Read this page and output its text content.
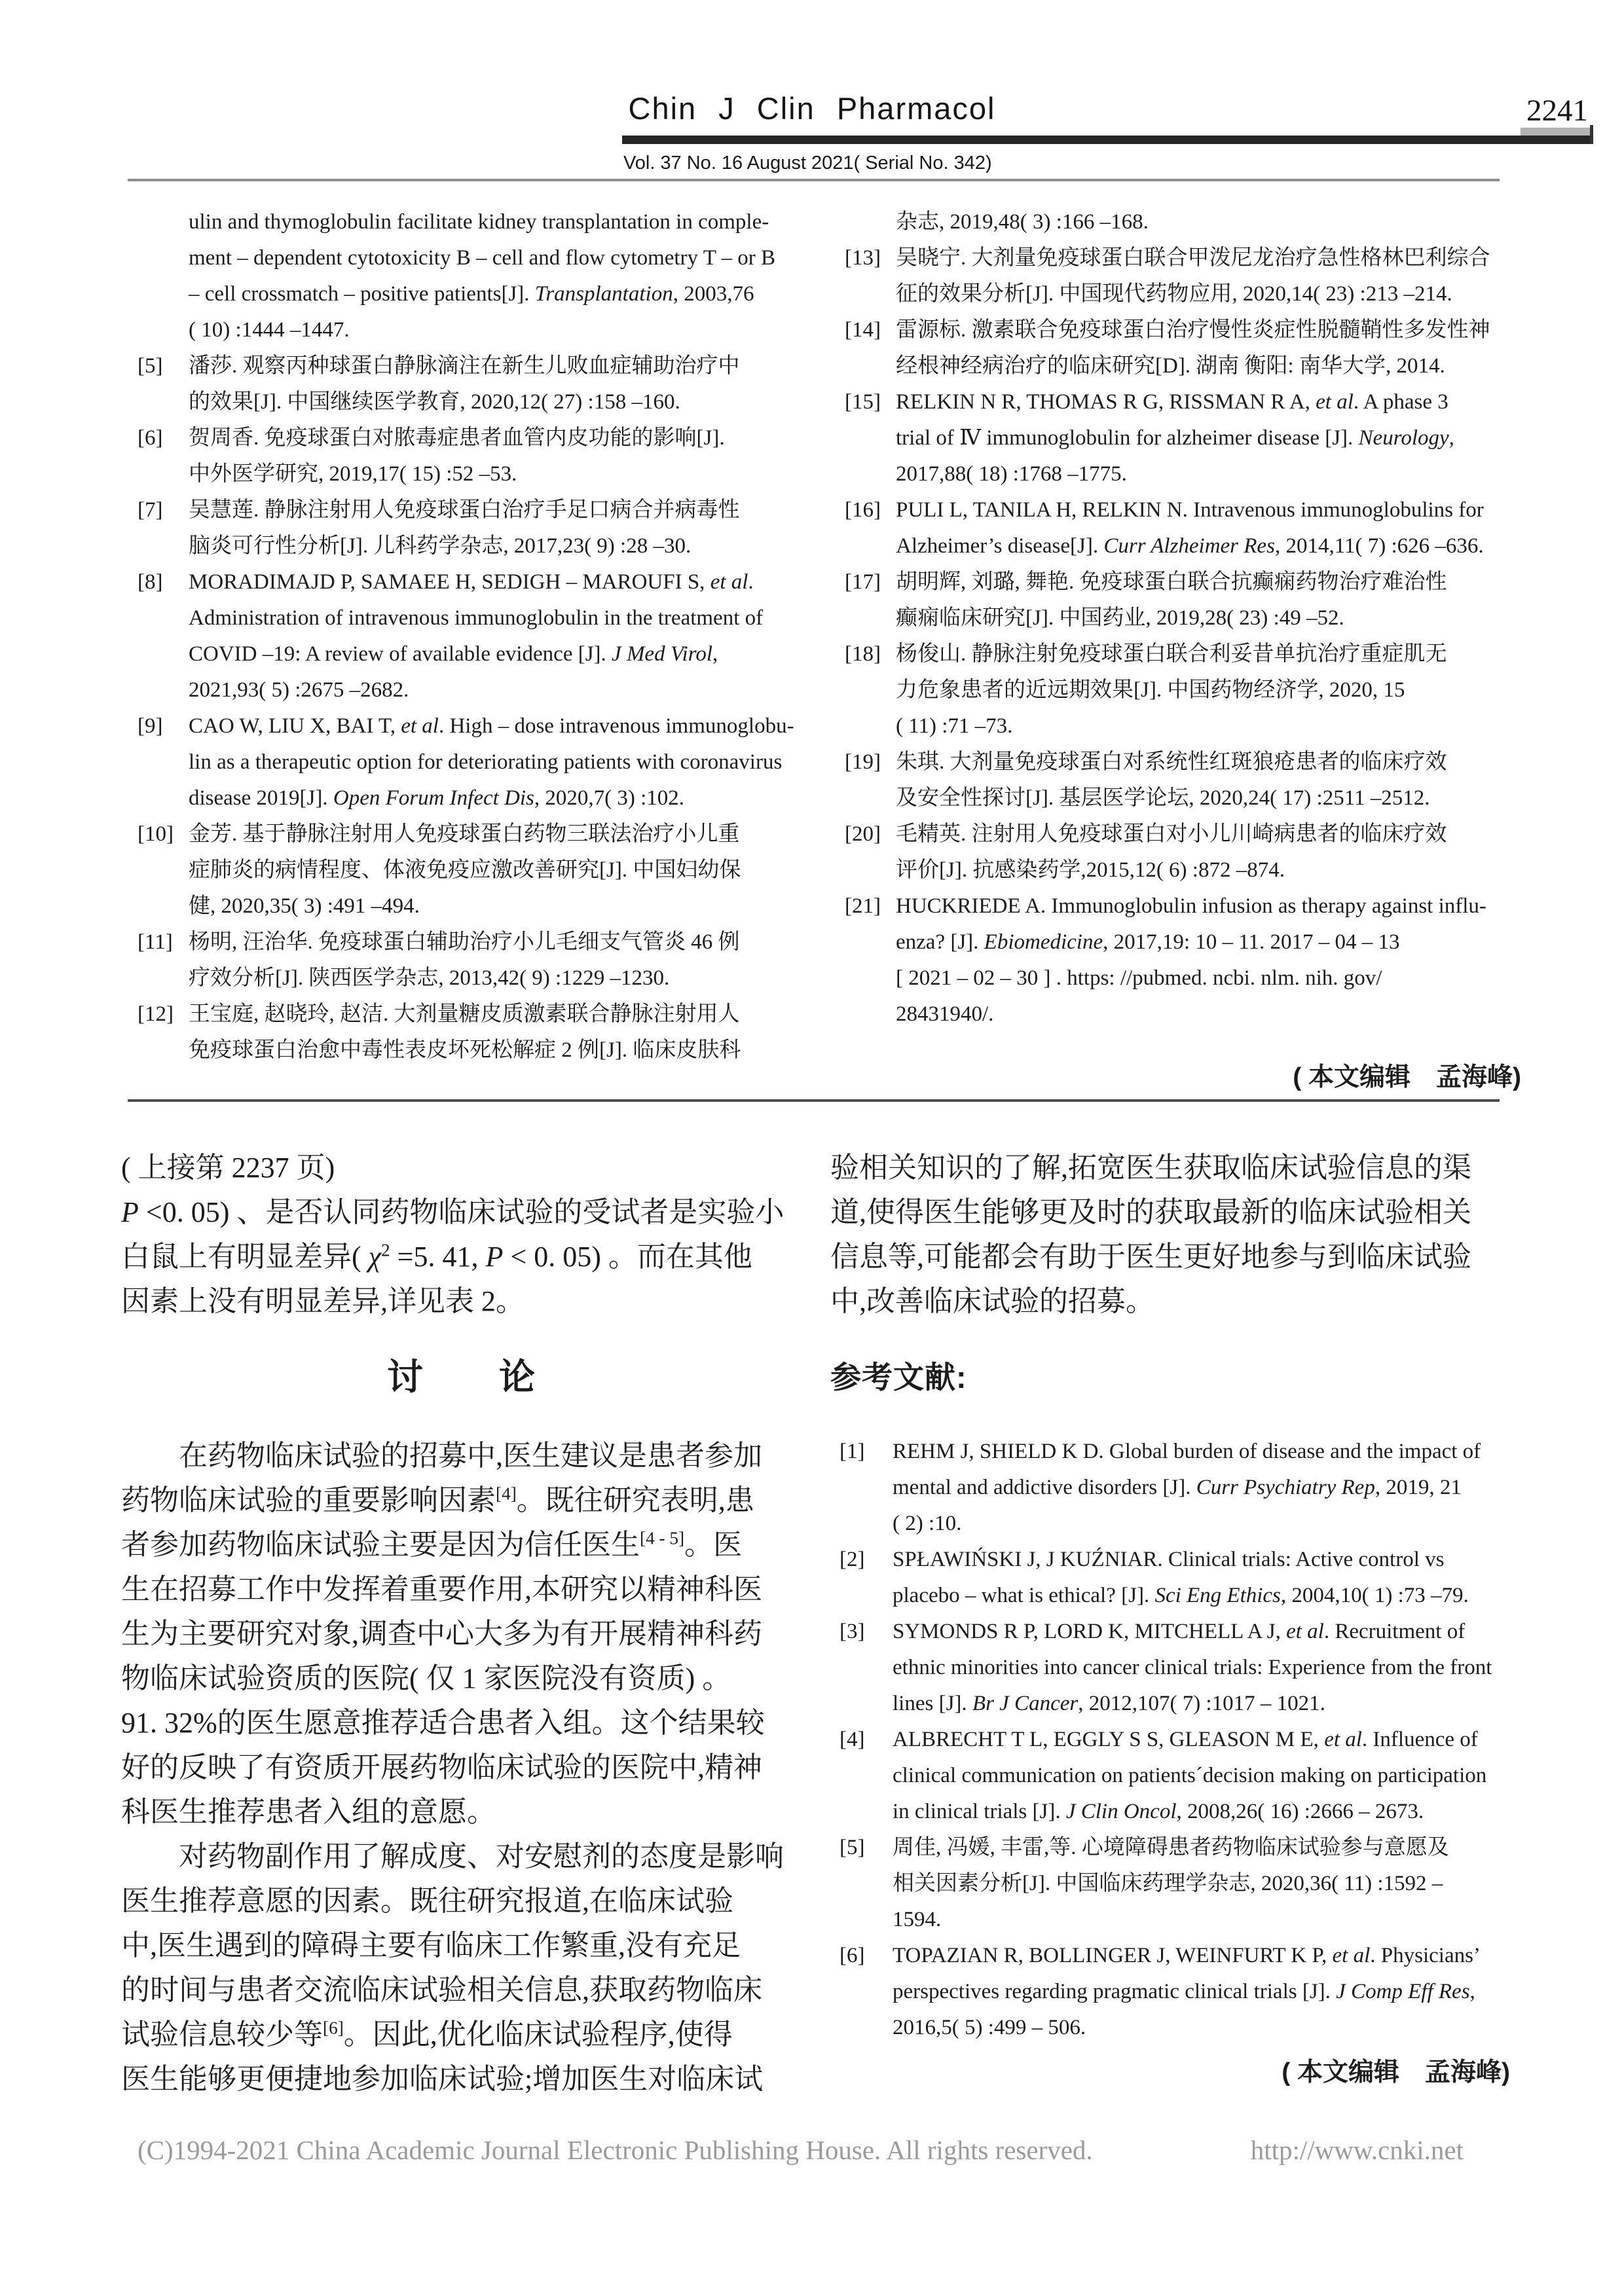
Chin J Clin Pharmacol	2241
Vol. 37 No. 16 August 2021( Serial No. 342)
ulin and thymoglobulin facilitate kidney transplantation in comple-
ment – dependent cytotoxicity B – cell and flow cytometry T – or B
– cell crossmatch – positive patients[J]. Transplantation, 2003,76
( 10) :1444 –1447.
[5] 潘莎. 观察丙种球蛋白静脉滴注在新生儿败血症辅助治疗中
的效果[J]. 中国继续医学教育, 2020,12( 27) :158 –160.
[6] 贺周香. 免疫球蛋白对脓毒症患者血管内皮功能的影响[J].
中外医学研究, 2019,17( 15) :52 –53.
[7] 吴慧莲. 静脉注射用人免疫球蛋白治疗手足口病合并病毒性
脑炎可行性分析[J]. 儿科药学杂志, 2017,23( 9) :28 –30.
[8] MORADIMAJD P, SAMAEE H, SEDIGH – MAROUFI S, et al.
Administration of intravenous immunoglobulin in the treatment of
COVID –19: A review of available evidence [J]. J Med Virol,
2021,93( 5) :2675 –2682.
[9] CAO W, LIU X, BAI T, et al. High – dose intravenous immunoglobu-
lin as a therapeutic option for deteriorating patients with coronavirus
disease 2019[J]. Open Forum Infect Dis, 2020,7( 3) :102.
[10] 金芳. 基于静脉注射用人免疫球蛋白药物三联法治疗小儿重
症肺炎的病情程度、体液免疫应激改善研究[J]. 中国妇幼保
健, 2020,35( 3) :491 –494.
[11] 杨明, 汪治华. 免疫球蛋白辅助治疗小儿毛细支气管炎 46 例
疗效分析[J]. 陕西医学杂志, 2013,42( 9) :1229 –1230.
[12] 王宝庭, 赵晓玲, 赵洁. 大剂量糖皮质激素联合静脉注射用人
免疫球蛋白治愈中毒性表皮坏死松解症 2 例[J]. 临床皮肤科
杂志, 2019,48( 3) :166 –168.
[13] 吴晓宁. 大剂量免疫球蛋白联合甲泼尼龙治疗急性格林巴利综合
征的效果分析[J]. 中国现代药物应用, 2020,14( 23) :213 –214.
[14] 雷源标. 激素联合免疫球蛋白治疗慢性炎症性脱髓鞘性多发性神
经根神经病治疗的临床研究[D]. 湖南 衡阳: 南华大学, 2014.
[15] RELKIN N R, THOMAS R G, RISSMAN R A, et al. A phase 3
trial of Ⅳ immunoglobulin for alzheimer disease [J]. Neurology,
2017,88( 18) :1768 –1775.
[16] PULI L, TANILA H, RELKIN N. Intravenous immunoglobulins for
Alzheimer’s disease[J]. Curr Alzheimer Res, 2014,11( 7) :626 –636.
[17] 胡明辉, 刘璐, 舞艳. 免疫球蛋白联合抗癫痫药物治疗难治性
癫痫临床研究[J]. 中国药业, 2019,28( 23) :49 –52.
[18] 杨俊山. 静脉注射免疫球蛋白联合利妥昔单抗治疗重症肌无
力危象患者的近远期效果[J]. 中国药物经济学, 2020, 15
( 11) :71 –73.
[19] 朱琪. 大剂量免疫球蛋白对系统性红斑狼疮患者的临床疗效
及安全性探讨[J]. 基层医学论坛, 2020,24( 17) :2511 –2512.
[20] 毛精英. 注射用人免疫球蛋白对小儿川崎病患者的临床疗效
评价[J]. 抗感染药学,2015,12( 6) :872 –874.
[21] HUCKRIEDE A. Immunoglobulin infusion as therapy against influ-
enza? [J]. Ebiomedicine, 2017,19: 10 – 11. 2017 – 04 – 13
[ 2021 – 02 – 30 ] . https: //pubmed. ncbi. nlm. nih. gov/
28431940/.
( 本文编辑　孟海峰)
( 上接第 2237 页)
P <0. 05) 、是否认同药物临床试验的受试者是实验小
白鼠上有明显差异( $\chi^2 =5$. 41, P < 0. 05) 。而在其他
因素上没有明显差异,详见表 2。
讨　　论
　　在药物临床试验的招募中,医生建议是患者参加
药物临床试验的重要影响因素[4]。既往研究表明,患
者参加药物临床试验主要是因为信任医生[4 - 5]。医
生在招募工作中发挥着重要作用,本研究以精神科医
生为主要研究对象,调查中心大多为有开展精神科药
物临床试验资质的医院( 仅 1 家医院没有资质) 。
91. 32%的医生愿意推荐适合患者入组。这个结果较
好的反映了有资质开展药物临床试验的医院中,精神
科医生推荐患者入组的意愿。
　　对药物副作用了解成度、对安慰剂的态度是影响
医生推荐意愿的因素。既往研究报道,在临床试验
中,医生遇到的障碍主要有临床工作繁重,没有充足
的时间与患者交流临床试验相关信息,获取药物临床
试验信息较少等[6]。因此,优化临床试验程序,使得
医生能够更便捷地参加临床试验;增加医生对临床试
验相关知识的了解,拓宽医生获取临床试验信息的渠
道,使得医生能够更及时的获取最新的临床试验相关
信息等,可能都会有助于医生更好地参与到临床试验
中,改善临床试验的招募。
参考文献:
[1] REHM J, SHIELD K D. Global burden of disease and the impact of
mental and addictive disorders [J]. Curr Psychiatry Rep, 2019, 21
( 2) :10.
[2] SPŁAWIŃSKI J, J KUŹNIAR. Clinical trials: Active control vs
placebo – what is ethical? [J]. Sci Eng Ethics, 2004,10( 1) :73 –79.
[3] SYMONDS R P, LORD K, MITCHELL A J, et al. Recruitment of
ethnic minorities into cancer clinical trials: Experience from the front
lines [J]. Br J Cancer, 2012,107( 7) :1017 – 1021.
[4] ALBRECHT T L, EGGLY S S, GLEASON M E, et al. Influence of
clinical communication on patients´decision making on participation
in clinical trials [J]. J Clin Oncol, 2008,26( 16) :2666 – 2673.
[5] 周佳, 冯媛, 丰雷,等. 心境障碍患者药物临床试验参与意愿及
相关因素分析[J]. 中国临床药理学杂志, 2020,36( 11) :1592 –
1594.
[6] TOPAZIAN R, BOLLINGER J, WEINFURT K P, et al. Physicians’
perspectives regarding pragmatic clinical trials [J]. J Comp Eff Res,
2016,5( 5) :499 – 506.
( 本文编辑　孟海峰)
(C)1994-2021 China Academic Journal Electronic Publishing House. All rights reserved.	http://www.cnki.net
